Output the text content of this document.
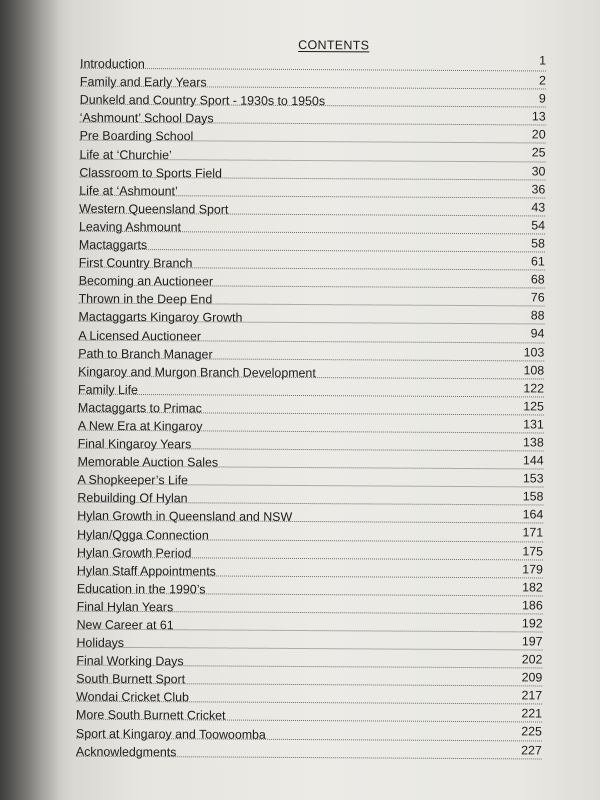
CONTENTS
Introduction	1
Family and Early Years	2
Dunkeld and Country Sport - 1930s to 1950s	9
‘Ashmount’ School Days	13
Pre Boarding School	20
Life at ‘Churchie’	25
Classroom to Sports Field	30
Life at ‘Ashmount’	36
Western Queensland Sport	43
Leaving Ashmount	54
Mactaggarts	58
First Country Branch	61
Becoming an Auctioneer	68
Thrown in the Deep End	76
Mactaggarts Kingaroy Growth	88
A Licensed Auctioneer	94
Path to Branch Manager	103
Kingaroy and Murgon Branch Development	108
Family Life	122
Mactaggarts to Primac	125
A New Era at Kingaroy	131
Final Kingaroy Years	138
Memorable Auction Sales	144
A Shopkeeper’s Life	153
Rebuilding Of Hylan	158
Hylan Growth in Queensland and NSW	164
Hylan/Qgga Connection	171
Hylan Growth Period	175
Hylan Staff Appointments	179
Education in the 1990’s	182
Final Hylan Years	186
New Career at 61	192
Holidays	197
Final Working Days	202
South Burnett Sport	209
Wondai Cricket Club	217
More South Burnett Cricket	221
Sport at Kingaroy and Toowoomba	225
Acknowledgments	227
